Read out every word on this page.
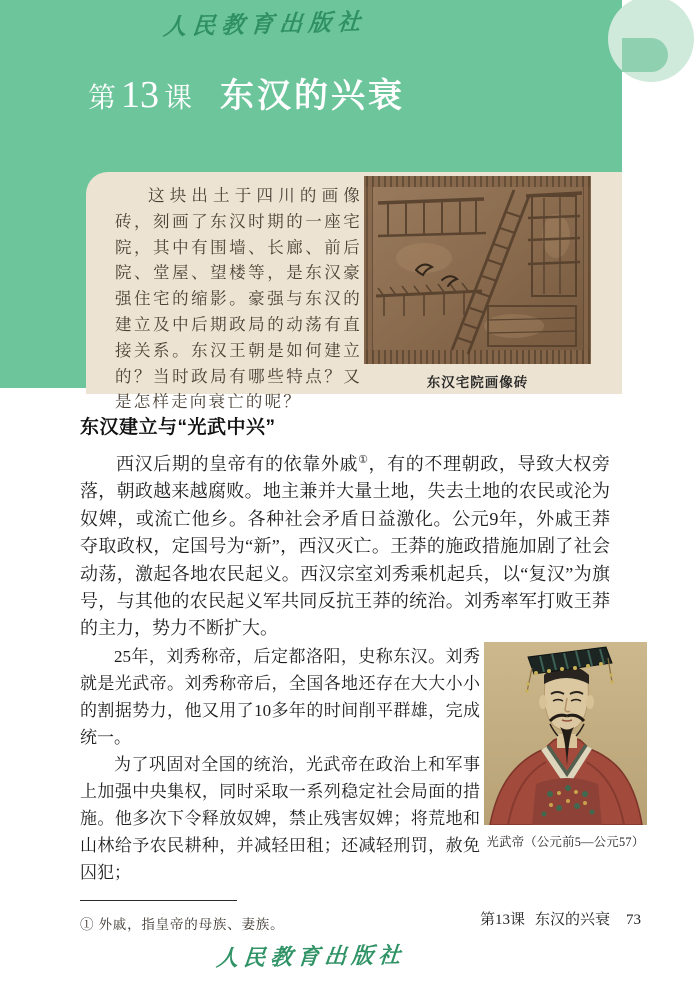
人民教育出版社
第 13 课 东汉的兴衰

这块出土于四川的画像砖，刻画了东汉时期的一座宅院，其中有围墙、长廊、前后院、堂屋、望楼等，是东汉豪强住宅的缩影。豪强与东汉的建立及中后期政局的动荡有直接关系。东汉王朝是如何建立的？当时政局有哪些特点？又是怎样走向衰亡的呢？

东汉宅院画像砖
东汉建立与“光武中兴”

西汉后期的皇帝有的依靠外戚①，有的不理朝政，导致大权旁落，朝政越来越腐败。地主兼并大量土地，失去土地的农民或沦为奴婢，或流亡他乡。各种社会矛盾日益激化。公元9年，外戚王莽夺取政权，定国号为“新”，西汉灭亡。王莽的施政措施加剧了社会动荡，激起各地农民起义。西汉宗室刘秀乘机起兵，以“复汉”为旗号，与其他的农民起义军共同反抗王莽的统治。刘秀率军打败王莽的主力，势力不断扩大。

25年，刘秀称帝，后定都洛阳，史称东汉。刘秀就是光武帝。刘秀称帝后，全国各地还存在大大小小的割据势力，他又用了10多年的时间削平群雄，完成统一。

为了巩固对全国的统治，光武帝在政治上和军事上加强中央集权，同时采取一系列稳定社会局面的措施。他多次下令释放奴婢，禁止残害奴婢；将荒地和山林给予农民耕种，并减轻田租；还减轻刑罚，赦免囚犯；

光武帝（公元前5—公元57）

① 外戚，指皇帝的母族、妻族。	第13课 东汉的兴衰 73
人民教育出版社
